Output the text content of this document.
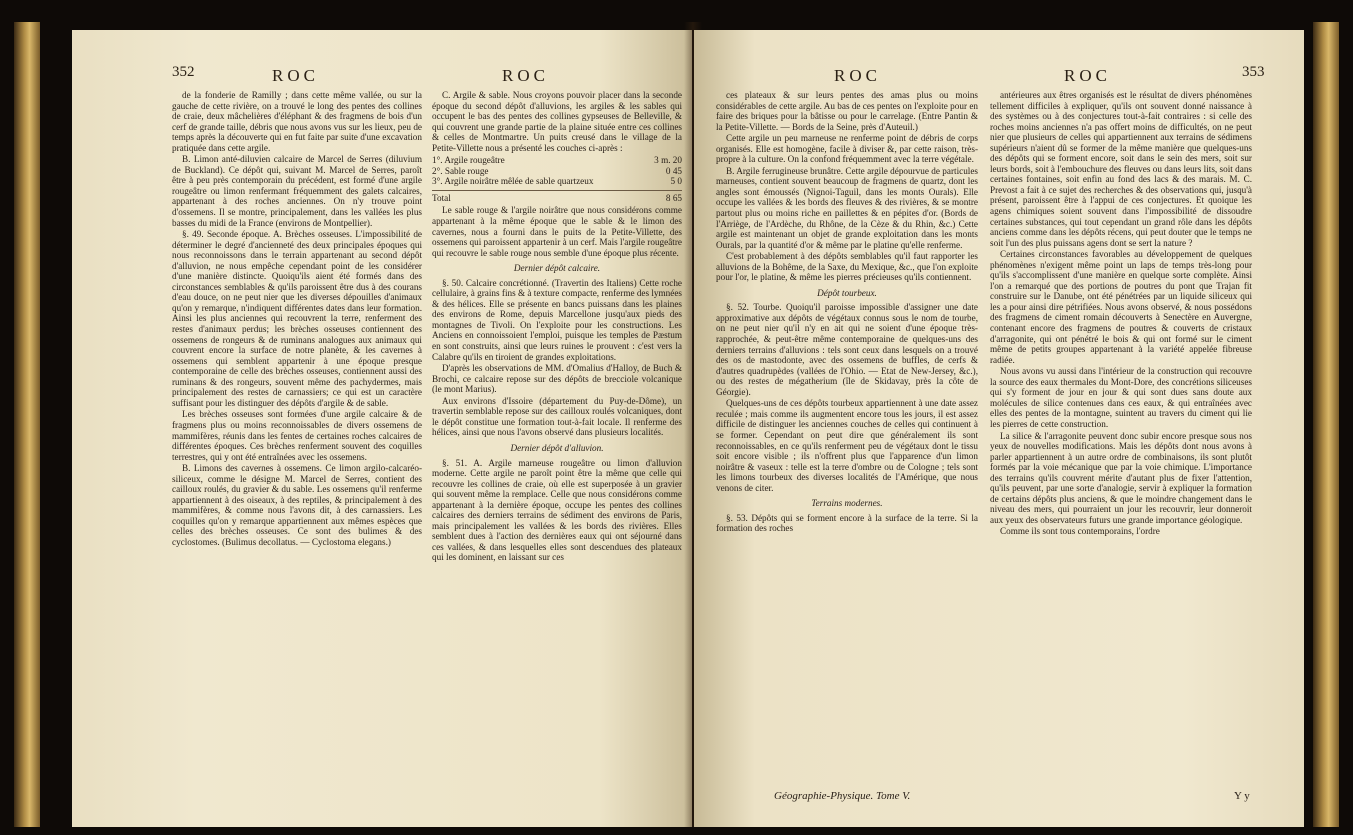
352	ROC	ROC

de la fonderie de Ramilly ; dans cette même vallée, ou sur la gauche de cette rivière, on a trouvé le long des pentes des collines de craie, deux mâchelières d'éléphant & des fragmens de bois d'un cerf de grande taille, débris que nous avons vus sur les lieux, peu de temps après la découverte qui en fut faite par suite d'une excavation pratiquée dans cette argile.

B. Limon anté-diluvien calcaire de Marcel de Serres (diluvium de Buckland). Ce dépôt qui, suivant M. Marcel de Serres, paroît être à peu près contemporain du précédent, est formé d'une argile rougeâtre ou limon renfermant fréquemment des galets calcaires, appartenant à des roches anciennes. On n'y trouve point d'ossemens. Il se montre, principalement, dans les vallées les plus basses du midi de la France (environs de Montpellier).

§. 49. Seconde époque. A. Brèches osseuses. L'impossibilité de déterminer le degré d'ancienneté des deux principales époques qui nous reconnoissons dans le terrain appartenant au second dépôt d'alluvion, ne nous empêche cependant point de les considérer d'une manière distincte. Quoiqu'ils aient été formés dans des circonstances semblables & qu'ils paroissent être dus à des courans d'eau douce, on ne peut nier que les diverses dépouilles d'animaux qu'on y remarque, n'indiquent différentes dates dans leur formation. Ainsi les plus anciennes qui recouvrent la terre, renferment des restes d'animaux perdus; les brèches osseuses contiennent des ossemens de rongeurs & de ruminans analogues aux animaux qui couvrent encore la surface de notre planète, & les cavernes à ossemens qui semblent appartenir à une époque presque contemporaine de celle des brèches osseuses, contiennent aussi des ruminans & des rongeurs, souvent même des pachydermes, mais principalement des restes de carnassiers; ce qui est un caractère suffisant pour les distinguer des dépôts d'argile & de sable.

Les brèches osseuses sont formées d'une argile calcaire & de fragmens plus ou moins reconnoissables de divers ossemens de mammifères, réunis dans les fentes de certaines roches calcaires de différentes époques. Ces brèches renferment souvent des coquilles terrestres, qui y ont été entraînées avec les ossemens.

B. Limons des cavernes à ossemens. Ce limon argilo-calcaréo-siliceux, comme le désigne M. Marcel de Serres, contient des cailloux roulés, du gravier & du sable. Les ossemens qu'il renferme appartiennent à des oiseaux, à des reptiles, & principalement à des mammifères, & comme nous l'avons dit, à des carnassiers. Les coquilles qu'on y remarque appartiennent aux mêmes espèces que celles des brèches osseuses. Ce sont des bulimes & des cyclostomes. (Bulimus decollatus. — Cyclostoma elegans.)

C. Argile & sable. Nous croyons pouvoir placer dans la seconde époque du second dépôt d'alluvions, les argiles & les sables qui occupent le bas des pentes des collines gypseuses de Belleville, & qui couvrent une grande partie de la plaine située entre ces collines & celles de Montmartre. Un puits creusé dans le village de la Petite-Villette nous a présenté les couches ci-après :

1°. Argile rougeâtre	3 m. 20
2°. Sable rouge	0 45
3°. Argile noirâtre mêlée de sable quartzeux	5 0
Total	8 65

Le sable rouge & l'argile noirâtre que nous considérons comme appartenant à la même époque que le sable & le limon des cavernes, nous a fourni dans le puits de la Petite-Villette, des ossemens qui paroissent appartenir à un cerf. Mais l'argile rougeâtre qui recouvre le sable rouge nous semble d'une époque plus récente.

Dernier dépôt calcaire.

§. 50. Calcaire concrétionné. (Travertin des Italiens) Cette roche cellulaire, à grains fins & à texture compacte, renferme des lymnées & des hélices. Elle se présente en bancs puissans dans les plaines des environs de Rome, depuis Marcellone jusqu'aux pieds des montagnes de Tivoli. On l'exploite pour les constructions. Les Anciens en connoissoient l'emploi, puisque les temples de Pæstum en sont construits, ainsi que leurs ruines le prouvent : c'est vers la Calabre qu'ils en tiroient de grandes exploitations.

D'après les observations de MM. d'Omalius d'Halloy, de Buch & Brochi, ce calcaire repose sur des dépôts de brecciole volcanique (le mont Marius).

Aux environs d'Issoire (département du Puy-de-Dôme), un travertin semblable repose sur des cailloux roulés volcaniques, dont le dépôt constitue une formation tout-à-fait locale. Il renferme des hélices, ainsi que nous l'avons observé dans plusieurs localités.

Dernier dépôt d'alluvion.

§. 51. A. Argile marneuse rougeâtre ou limon d'alluvion moderne. Cette argile ne paroît point être la même que celle qui recouvre les collines de craie, où elle est superposée à un gravier qui souvent même la remplace. Celle que nous considérons comme appartenant à la dernière époque, occupe les pentes des collines calcaires des derniers terrains de sédiment des environs de Paris, mais principalement les vallées & les bords des rivières. Elles semblent dues à l'action des dernières eaux qui ont séjourné dans ces vallées, & dans lesquelles elles sont descendues des plateaux qui les dominent, en laissant sur ces

ROC	ROC	353

ces plateaux & sur leurs pentes des amas plus ou moins considérables de cette argile. Au bas de ces pentes on l'exploite pour en faire des briques pour la bâtisse ou pour le carrelage. (Entre Pantin & la Petite-Villette. — Bords de la Seine, près d'Auteuil.)

Cette argile un peu marneuse ne renferme point de débris de corps organisés. Elle est homogène, facile à diviser &, par cette raison, très-propre à la culture. On la confond fréquemment avec la terre végétale.

B. Argile ferrugineuse brunâtre. Cette argile dépourvue de particules marneuses, contient souvent beaucoup de fragmens de quartz, dont les angles sont émoussés (Nignoi-Taguil, dans les monts Ourals). Elle occupe les vallées & les bords des fleuves & des rivières, & se montre partout plus ou moins riche en paillettes & en pépites d'or. (Bords de l'Arriège, de l'Ardèche, du Rhône, de la Cèze & du Rhin, &c.) Cette argile est maintenant un objet de grande exploitation dans les monts Ourals, par la quantité d'or & même par le platine qu'elle renferme.

C'est probablement à des dépôts semblables qu'il faut rapporter les alluvions de la Bohême, de la Saxe, du Mexique, &c., que l'on exploite pour l'or, le platine, & même les pierres précieuses qu'ils contiennent.

Dépôt tourbeux.

§. 52. Tourbe. Quoiqu'il paroisse impossible d'assigner une date approximative aux dépôts de végétaux connus sous le nom de tourbe, on ne peut nier qu'il n'y en ait qui ne soient d'une époque très-rapprochée, & peut-être même contemporaine de quelques-uns des derniers terrains d'alluvions : tels sont ceux dans lesquels on a trouvé des os de mastodonte, avec des ossemens de buffles, de cerfs & d'autres quadrupèdes (vallées de l'Ohio. — Etat de New-Jersey, &c.), ou des restes de mégatherium (île de Skidavay, près la côte de Géorgie).

Quelques-uns de ces dépôts tourbeux appartiennent à une date assez reculée ; mais comme ils augmentent encore tous les jours, il est assez difficile de distinguer les anciennes couches de celles qui continuent à se former. Cependant on peut dire que généralement ils sont reconnoissables, en ce qu'ils renferment peu de végétaux dont le tissu soit encore visible ; ils n'offrent plus que l'apparence d'un limon noirâtre & vaseux : telle est la terre d'ombre ou de Cologne ; tels sont les limons tourbeux des diverses localités de l'Amérique, que nous venons de citer.

Terrains modernes.

§. 53. Dépôts qui se forment encore à la surface de la terre. Si la formation des roches

antérieures aux êtres organisés est le résultat de divers phénomènes tellement difficiles à expliquer, qu'ils ont souvent donné naissance à des systèmes ou à des conjectures tout-à-fait contraires : si celle des roches moins anciennes n'a pas offert moins de difficultés, on ne peut nier que plusieurs de celles qui appartiennent aux terrains de sédimens supérieurs n'aient dû se former de la même manière que quelques-uns des dépôts qui se forment encore, soit dans le sein des mers, soit sur leurs bords, soit à l'embouchure des fleuves ou dans leurs lits, soit dans certaines fontaines, soit enfin au fond des lacs & des marais. M. C. Prevost a fait à ce sujet des recherches & des observations qui, jusqu'à présent, paroissent être à l'appui de ces conjectures. Et quoique les agens chimiques soient souvent dans l'impossibilité de dissoudre certaines substances, qui tout cependant un grand rôle dans les dépôts anciens comme dans les dépôts récens, qui peut douter que le temps ne soit l'un des plus puissans agens dont se sert la nature ?

Certaines circonstances favorables au développement de quelques phénomènes n'exigent même point un laps de temps très-long pour qu'ils s'accomplissent d'une manière en quelque sorte complète. Ainsi l'on a remarqué que des portions de poutres du pont que Trajan fit construire sur le Danube, ont été pénétrées par un liquide siliceux qui les a pour ainsi dire pétrifiées. Nous avons observé, & nous possédons des fragmens de ciment romain découverts à Senectère en Auvergne, contenant encore des fragmens de poutres & couverts de cristaux d'arragonite, qui ont pénétré le bois & qui ont formé sur le ciment même de petits groupes appartenant à la variété appelée fibreuse radiée.

Nous avons vu aussi dans l'intérieur de la construction qui recouvre la source des eaux thermales du Mont-Dore, des concrétions siliceuses qui s'y forment de jour en jour & qui sont dues sans doute aux molécules de silice contenues dans ces eaux, & qui entraînées avec elles des pentes de la montagne, suintent au travers du ciment qui lie les pierres de cette construction.

La silice & l'arragonite peuvent donc subir encore presque sous nos yeux de nouvelles modifications. Mais les dépôts dont nous avons à parler appartiennent à un autre ordre de combinaisons, ils sont plutôt formés par la voie mécanique que par la voie chimique. L'importance des terrains qu'ils couvrent mérite d'autant plus de fixer l'attention, qu'ils peuvent, par une sorte d'analogie, servir à expliquer la formation de certains dépôts plus anciens, & que le moindre changement dans le niveau des mers, qui pourraient un jour les recouvrir, leur donneroit aux yeux des observateurs futurs une grande importance géologique.

Comme ils sont tous contemporains, l'ordre

Géographie-Physique. Tome V.	Y y
